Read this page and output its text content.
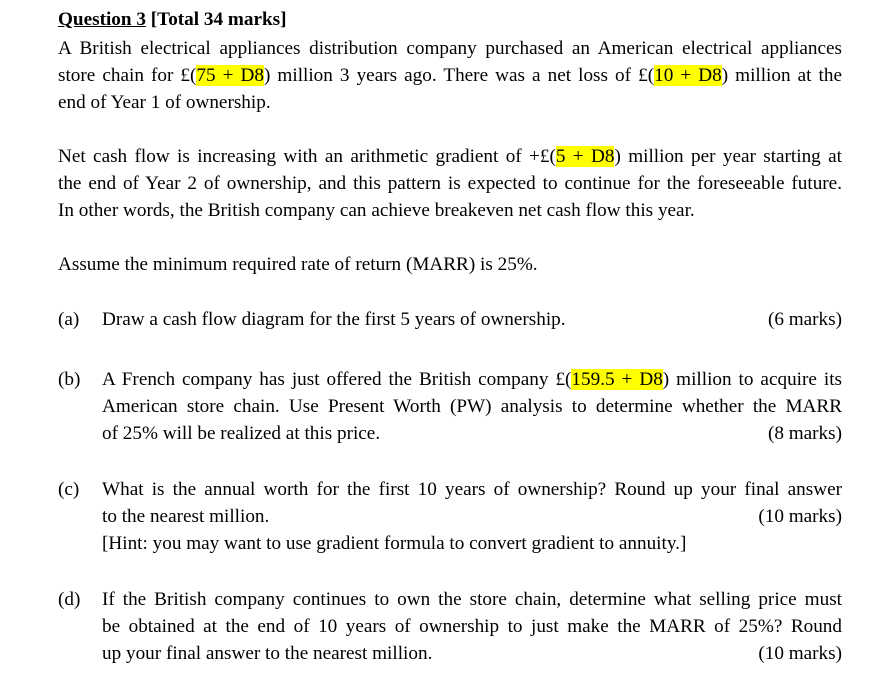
Question 3 [Total 34 marks]
A British electrical appliances distribution company purchased an American electrical appliances
store chain for £(75 + D8) million 3 years ago. There was a net loss of £(10 + D8) million at the
end of Year 1 of ownership.
Net cash flow is increasing with an arithmetic gradient of +£(5 + D8) million per year starting at
the end of Year 2 of ownership, and this pattern is expected to continue for the foreseeable future.
In other words, the British company can achieve breakeven net cash flow this year.
Assume the minimum required rate of return (MARR) is 25%.
(a) Draw a cash flow diagram for the first 5 years of ownership.	(6 marks)
(b) A French company has just offered the British company £(159.5 + D8) million to acquire its
American store chain. Use Present Worth (PW) analysis to determine whether the MARR
of 25% will be realized at this price.	(8 marks)
(c) What is the annual worth for the first 10 years of ownership? Round up your final answer
to the nearest million.	(10 marks)
[Hint: you may want to use gradient formula to convert gradient to annuity.]
(d) If the British company continues to own the store chain, determine what selling price must
be obtained at the end of 10 years of ownership to just make the MARR of 25%? Round
up your final answer to the nearest million.	(10 marks)
